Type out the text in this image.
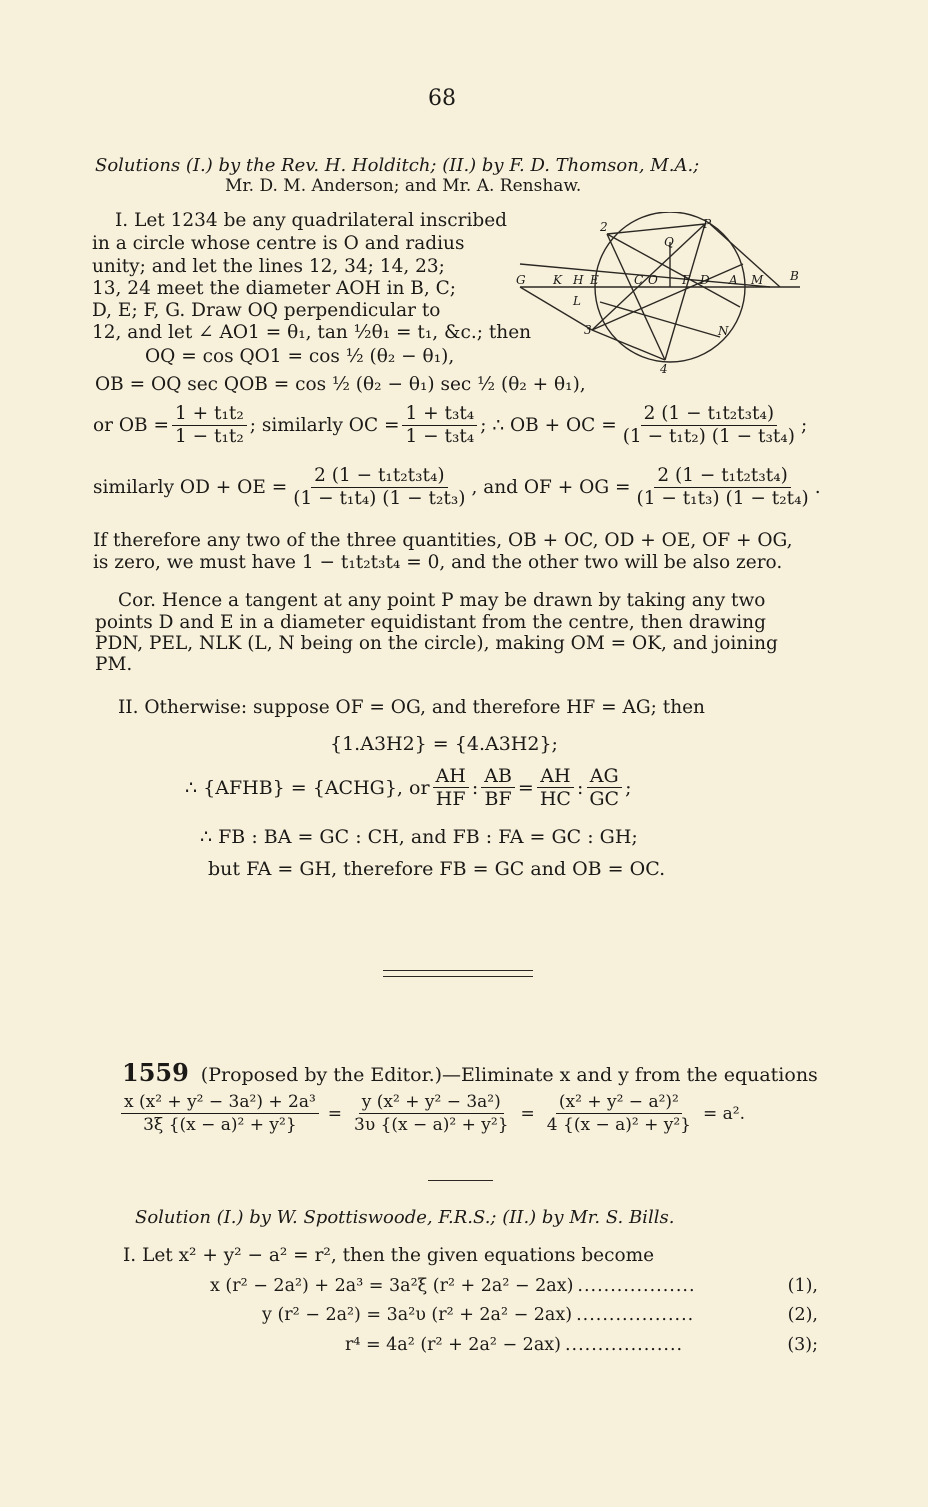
68
Solutions (I.) by the Rev. H. Holditch; (II.) by F. D. Thomson, M.A.;
Mr. D. M. Anderson; and Mr. A. Renshaw.
I. Let 1234 be any quadrilateral inscribed
in a circle whose centre is O and radius
unity; and let the lines 12, 34; 14, 23;
13, 24 meet the diameter AOH in B, C;
D, E; F, G. Draw OQ perpendicular to
12, and let ∠ AO1 = θ₁, tan ½θ₁ = t₁, &c.; then
2	P
Q
G K H E	C O F D A M B
L
3	N
4
OQ = cos QO1 = cos ½ (θ₂ − θ₁),
OB = OQ sec QOB = cos ½ (θ₂ − θ₁) sec ½ (θ₂ + θ₁),
or OB = $\frac{\text{1 + t₁t₂}}{\text{1 − t₁t₂}}$ ; similarly OC = $\frac{\text{1 + t₃t₄}}{\text{1 − t₃t₄}}$ ; ∴ OB + OC = $\frac{\text{2 (1 − t₁t₂t₃t₄)}}{\text{(1 − t₁t₂) (1 − t₃t₄)}}$ ;
similarly OD + OE = $\frac{\text{2 (1 − t₁t₂t₃t₄)}}{\text{(1 − t₁t₄) (1 − t₂t₃)}}$ , and OF + OG = $\frac{\text{2 (1 − t₁t₂t₃t₄)}}{\text{(1 − t₁t₃) (1 − t₂t₄)}}$ .
If therefore any two of the three quantities, OB + OC, OD + OE, OF + OG,
is zero, we must have 1 − t₁t₂t₃t₄ = 0, and the other two will be also zero.
Cor. Hence a tangent at any point P may be drawn by taking any two
points D and E in a diameter equidistant from the centre, then drawing
PDN, PEL, NLK (L, N being on the circle), making OM = OK, and joining
PM.
II. Otherwise: suppose OF = OG, and therefore HF = AG; then
{1.A3H2} = {4.A3H2};
∴ {AFHB} = {ACHG}, or $\frac{AH}{HF}$ : $\frac{AB}{BF} = \frac{AH}{HC}$ : $\frac{AG}{GC}$ ;
∴ FB : BA = GC : CH, and FB : FA = GC : GH;
but FA = GH, therefore FB = GC and OB = OC.
1559 (Proposed by the Editor.)—Eliminate x and y from the equations
$\frac{\text{x (x² + y² − 3a²) + 2a³}}{\text{3ξ \{(x − a)² + y²\}}} = \frac{\text{y (x² + y² − 3a²)}}{\text{3υ \{(x − a)² + y²\}}} = \frac{\text{(x² + y² − a²)²}}{\text{4 \{(x − a)² + y²\}}} = a^2$.
Solution (I.) by W. Spottiswoode, F.R.S.; (II.) by Mr. S. Bills.
I. Let x² + y² − a² = r², then the given equations become
x (r² − 2a²) + 2a³ = 3a²ξ (r² + 2a² − 2ax) ..................	(1),
y (r² − 2a²) = 3a²υ (r² + 2a² − 2ax) ..................	(2),
r⁴ = 4a² (r² + 2a² − 2ax) ..................	(3);
